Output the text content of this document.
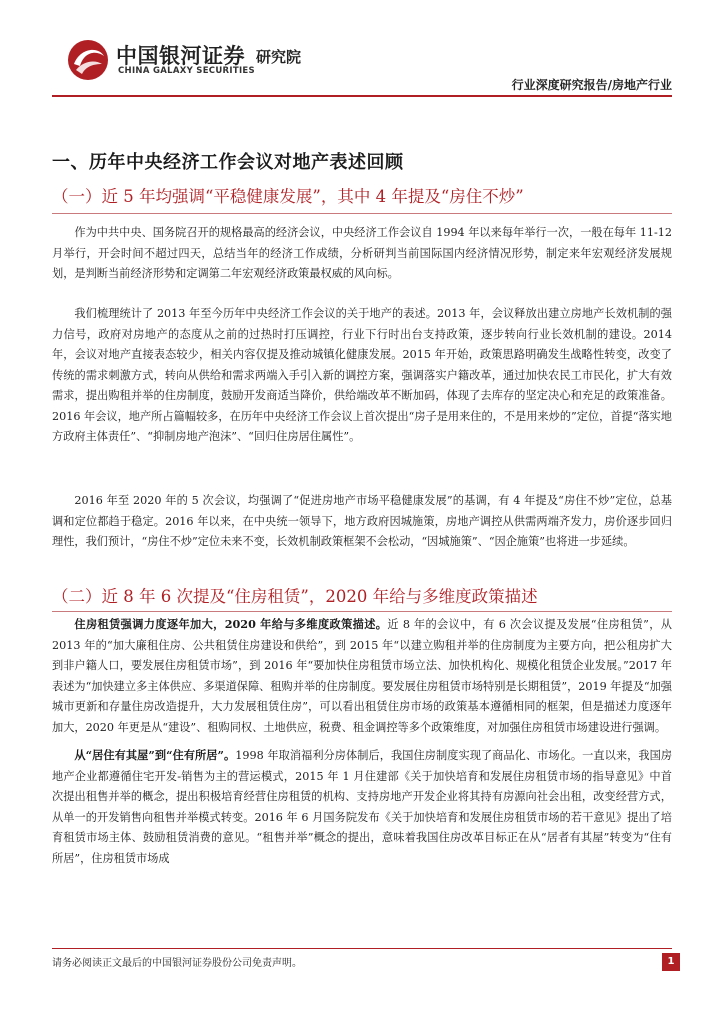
中国银河证券
CHINA GALAXY SECURITIES
研究院
行业深度研究报告/房地产行业
一、历年中央经济工作会议对地产表述回顾
（一）近 5 年均强调“平稳健康发展”，其中 4 年提及“房住不炒”
作为中共中央、国务院召开的规格最高的经济会议，中央经济工作会议自 1994 年以来每年举行一次，一般在每年 11-12 月举行，开会时间不超过四天，总结当年的经济工作成绩，分析研判当前国际国内经济情况形势，制定来年宏观经济发展规划，是判断当前经济形势和定调第二年宏观经济政策最权威的风向标。
我们梳理统计了 2013 年至今历年中央经济工作会议的关于地产的表述。2013 年，会议释放出建立房地产长效机制的强力信号，政府对房地产的态度从之前的过热时打压调控，行业下行时出台支持政策，逐步转向行业长效机制的建设。2014 年，会议对地产直接表态较少，相关内容仅提及推动城镇化健康发展。2015 年开始，政策思路明确发生战略性转变，改变了传统的需求刺激方式，转向从供给和需求两端入手引入新的调控方案，强调落实户籍改革，通过加快农民工市民化，扩大有效需求，提出购租并举的住房制度，鼓励开发商适当降价，供给端改革不断加码，体现了去库存的坚定决心和充足的政策准备。2016 年会议，地产所占篇幅较多，在历年中央经济工作会议上首次提出“房子是用来住的，不是用来炒的”定位，首提“落实地方政府主体责任”、“抑制房地产泡沫”、“回归住房居住属性”。
2016 年至 2020 年的 5 次会议，均强调了“促进房地产市场平稳健康发展”的基调，有 4 年提及“房住不炒”定位，总基调和定位都趋于稳定。2016 年以来，在中央统一领导下，地方政府因城施策，房地产调控从供需两端齐发力，房价逐步回归理性，我们预计，“房住不炒”定位未来不变，长效机制政策框架不会松动，“因城施策”、“因企施策”也将进一步延续。
（二）近 8 年 6 次提及“住房租赁”，2020 年给与多维度政策描述
住房租赁强调力度逐年加大，2020 年给与多维度政策描述。近 8 年的会议中，有 6 次会议提及发展“住房租赁”，从 2013 年的“加大廉租住房、公共租赁住房建设和供给”，到 2015 年“以建立购租并举的住房制度为主要方向，把公租房扩大到非户籍人口，要发展住房租赁市场”，到 2016 年“要加快住房租赁市场立法、加快机构化、规模化租赁企业发展。”2017 年表述为“加快建立多主体供应、多渠道保障、租购并举的住房制度。要发展住房租赁市场特别是长期租赁”，2019 年提及“加强城市更新和存量住房改造提升，大力发展租赁住房”，可以看出租赁住房市场的政策基本遵循相同的框架，但是描述力度逐年加大，2020 年更是从“建设”、租购同权、土地供应，税费、租金调控等多个政策维度，对加强住房租赁市场建设进行强调。
从“居住有其屋”到“住有所居”。1998 年取消福利分房体制后，我国住房制度实现了商品化、市场化。一直以来，我国房地产企业都遵循住宅开发-销售为主的营运模式，2015 年 1 月住建部《关于加快培育和发展住房租赁市场的指导意见》中首次提出租售并举的概念，提出积极培育经营住房租赁的机构、支持房地产开发企业将其持有房源向社会出租，改变经营方式，从单一的开发销售向租售并举模式转变。2016 年 6 月国务院发布《关于加快培育和发展住房租赁市场的若干意见》提出了培育租赁市场主体、鼓励租赁消费的意见。“租售并举”概念的提出，意味着我国住房改革目标正在从“居者有其屋”转变为“住有所居”，住房租赁市场成
请务必阅读正文最后的中国银河证券股份公司免责声明。	1
